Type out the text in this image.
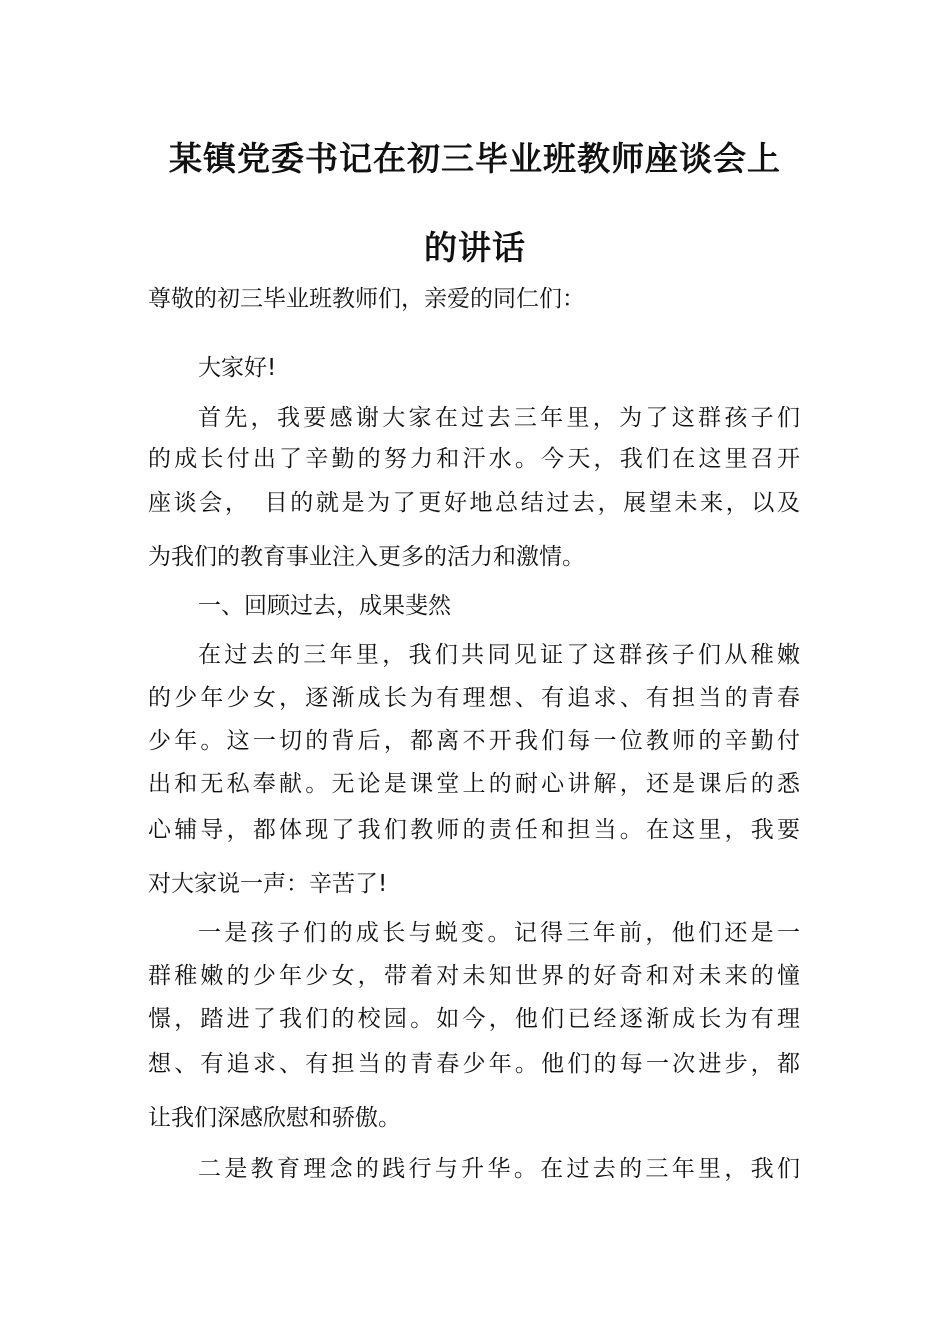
某镇党委书记在初三毕业班教师座谈会上
的讲话
尊敬的初三毕业班教师们，亲爱的同仁们：
大家好!
首先，我要感谢大家在过去三年里，为了这群孩子们
的成长付出了辛勤的努力和汗水。今天，我们在这里召开
座谈会，　目的就是为了更好地总结过去，展望未来，以及
为我们的教育事业注入更多的活力和激情。
一、回顾过去，成果斐然
在过去的三年里，我们共同见证了这群孩子们从稚嫩
的少年少女，逐渐成长为有理想、有追求、有担当的青春
少年。这一切的背后，都离不开我们每一位教师的辛勤付
出和无私奉献。无论是课堂上的耐心讲解，还是课后的悉
心辅导，都体现了我们教师的责任和担当。在这里，我要
对大家说一声：辛苦了!
一是孩子们的成长与蜕变。记得三年前，他们还是一
群稚嫩的少年少女，带着对未知世界的好奇和对未来的憧
憬，踏进了我们的校园。如今，他们已经逐渐成长为有理
想、有追求、有担当的青春少年。他们的每一次进步，都
让我们深感欣慰和骄傲。
二是教育理念的践行与升华。在过去的三年里，我们
